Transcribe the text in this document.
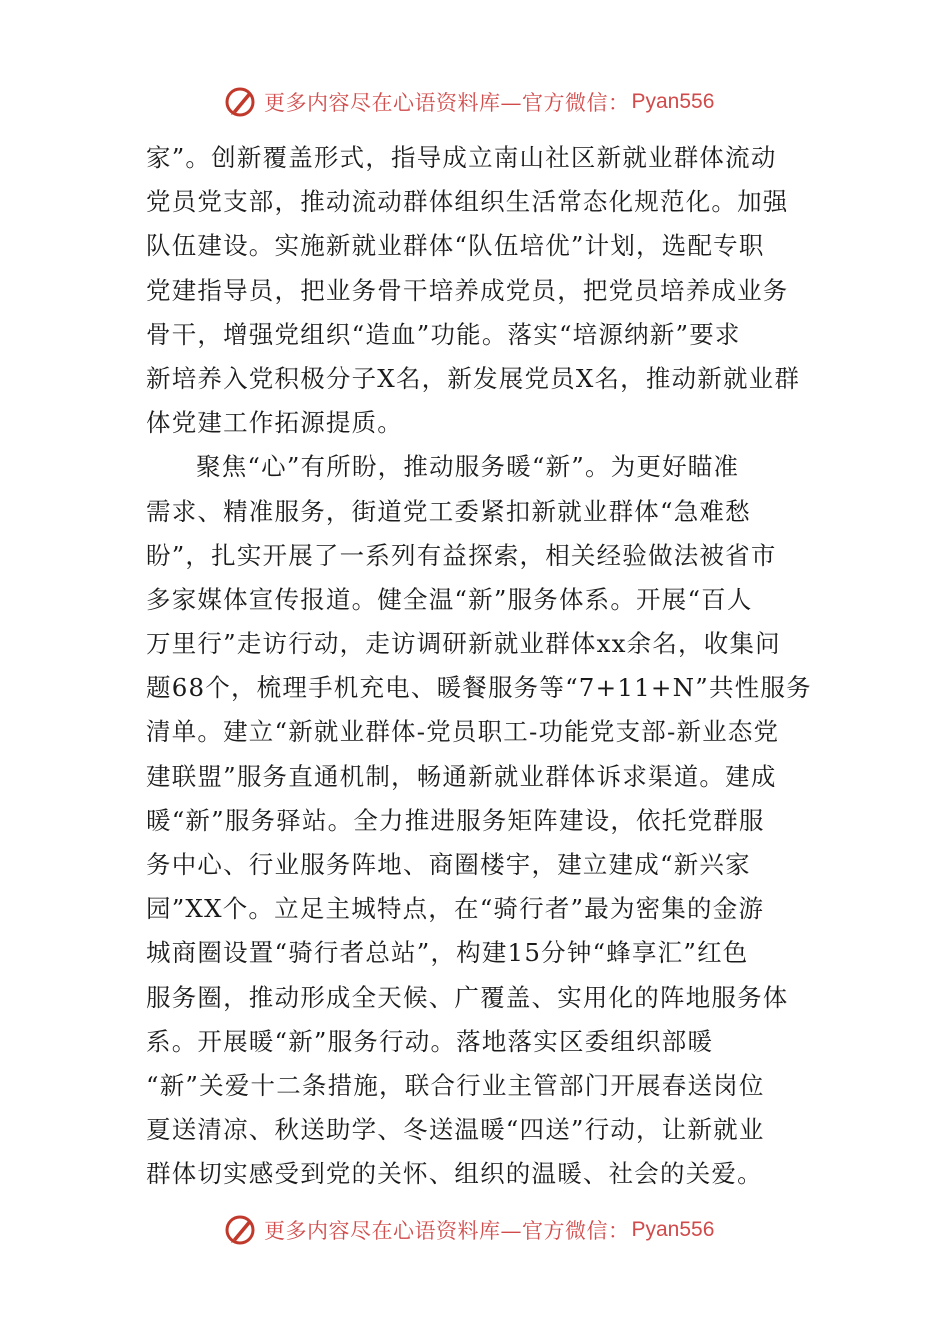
更多内容尽在心语资料库—官方微信： Pyan556
家”。创新覆盖形式，指导成立南山社区新就业群体流动
党员党支部，推动流动群体组织生活常态化规范化。加强
队伍建设。实施新就业群体“队伍培优”计划，选配专职
党建指导员，把业务骨干培养成党员，把党员培养成业务
骨干，增强党组织“造血”功能。落实“培源纳新”要求
新培养入党积极分子X名，新发展党员X名，推动新就业群
体党建工作拓源提质。
聚焦“心”有所盼，推动服务暖“新”。为更好瞄准
需求、精准服务，街道党工委紧扣新就业群体“急难愁
盼”，扎实开展了一系列有益探索，相关经验做法被省市
多家媒体宣传报道。健全温“新”服务体系。开展“百人
万里行”走访行动，走访调研新就业群体xx余名，收集问
题68个，梳理手机充电、暖餐服务等“7+11+N”共性服务
清单。建立“新就业群体-党员职工-功能党支部-新业态党
建联盟”服务直通机制，畅通新就业群体诉求渠道。建成
暖“新”服务驿站。全力推进服务矩阵建设，依托党群服
务中心、行业服务阵地、商圈楼宇，建立建成“新兴家
园”XX个。立足主城特点，在“骑行者”最为密集的金游
城商圈设置“骑行者总站”，构建15分钟“蜂享汇”红色
服务圈，推动形成全天候、广覆盖、实用化的阵地服务体
系。开展暖“新”服务行动。落地落实区委组织部暖
“新”关爱十二条措施，联合行业主管部门开展春送岗位
夏送清凉、秋送助学、冬送温暖“四送”行动，让新就业
群体切实感受到党的关怀、组织的温暖、社会的关爱。
更多内容尽在心语资料库—官方微信： Pyan556
